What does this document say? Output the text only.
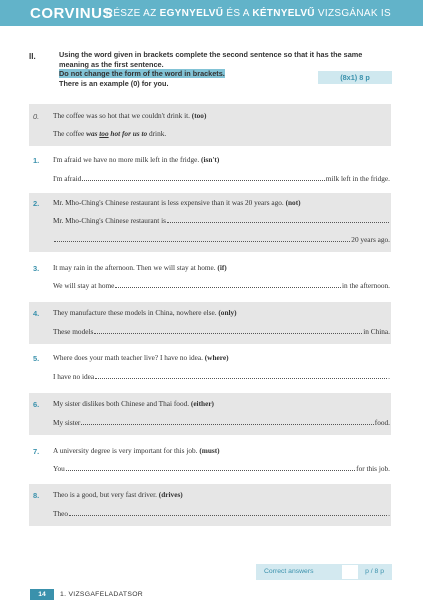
CORVINUS
RÉSZE AZ EGYNYELVŰ ÉS A KÉTNYELVŰ VIZSGÁNAK IS
II.	Using the word given in brackets complete the second sentence so that it has the same meaning as the first sentence.
Do not change the form of the word in brackets.
There is an example (0) for you.
(8x1) 8 p
0. The coffee was so hot that we couldn't drink it. (too)
The coffee was too hot for us to drink.
1. I'm afraid we have no more milk left in the fridge. (isn't)
I'm afraid	milk left in the fridge.
2. Mr. Mho-Ching's Chinese restaurant is less expensive than it was 20 years ago. (not)
Mr. Mho-Ching's Chinese restaurant is
20 years ago.
3. It may rain in the afternoon. Then we will stay at home. (if)
We will stay at home	in the afternoon.
4. They manufacture these models in China, nowhere else. (only)
These models	in China.
5. Where does your math teacher live? I have no idea. (where)
I have no idea	.
6. My sister dislikes both Chinese and Thai food. (either)
My sister	food.
7. A university degree is very important for this job. (must)
You	for this job.
8. Theo is a good, but very fast driver. (drives)
Theo	.
Correct answers	p / 8 p
14	1. VIZSGAFELADATSOR
